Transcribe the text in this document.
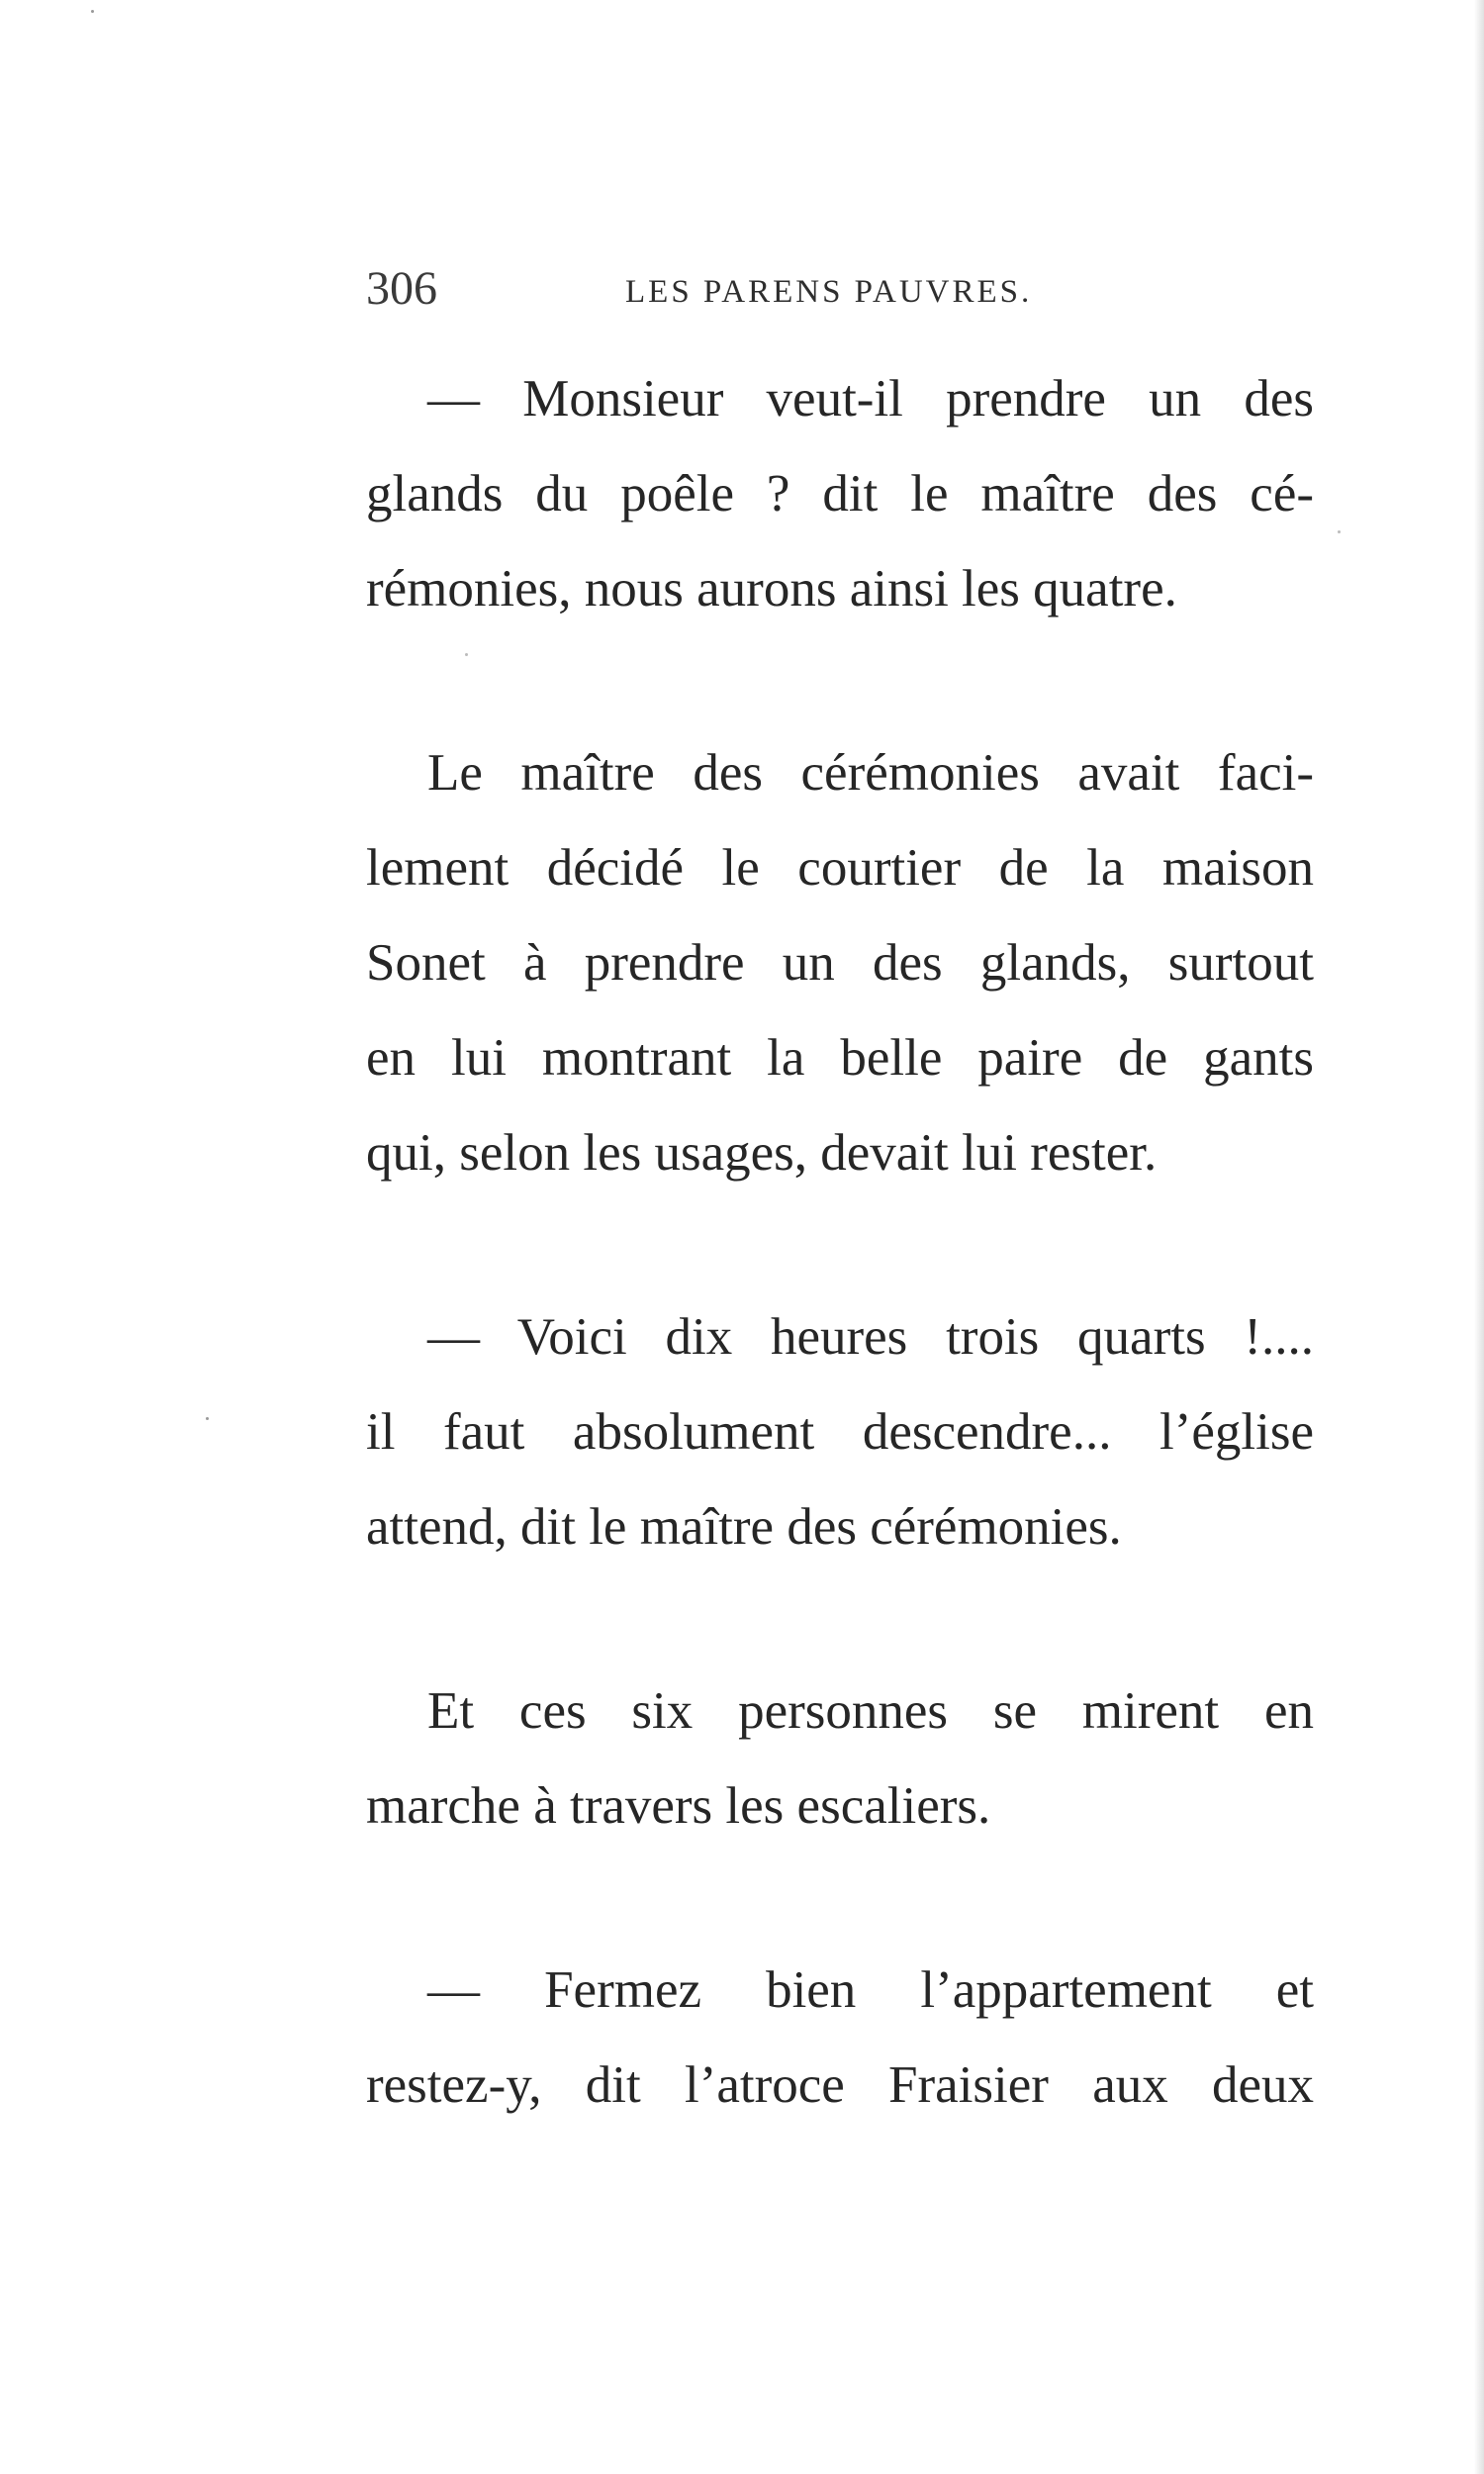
306	LES PARENS PAUVRES.
— Monsieur veut-il prendre un des
glands du poêle ? dit le maître des cé-
rémonies, nous aurons ainsi les quatre.
Le maître des cérémonies avait faci-
lement décidé le courtier de la maison
Sonet à prendre un des glands, surtout
en lui montrant la belle paire de gants
qui, selon les usages, devait lui rester.
— Voici dix heures trois quarts !....
il faut absolument descendre... l’église
attend, dit le maître des cérémonies.
Et ces six personnes se mirent en
marche à travers les escaliers.
— Fermez bien l’appartement et
restez-y, dit l’atroce Fraisier aux deux
